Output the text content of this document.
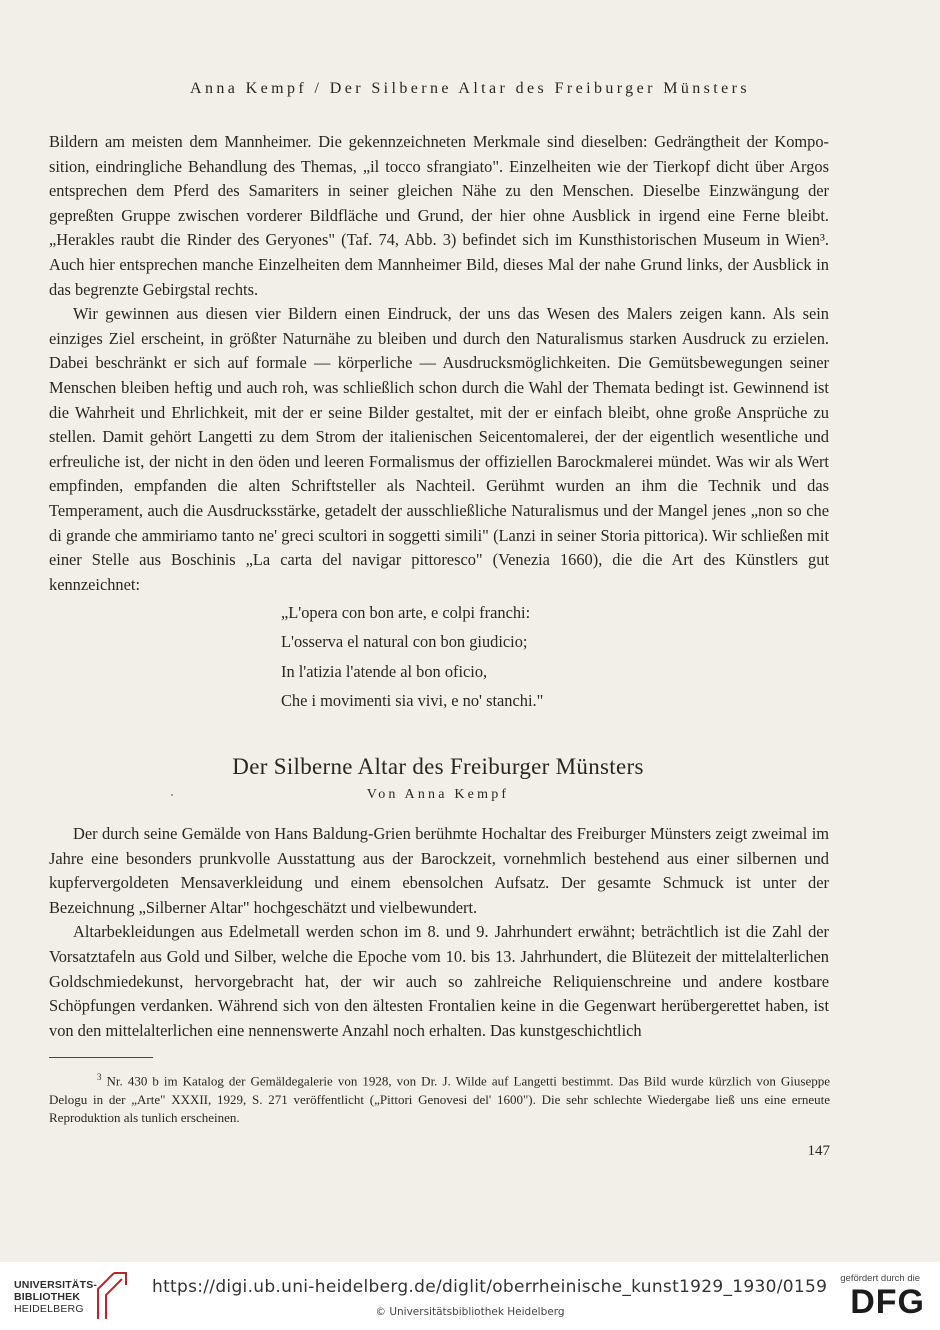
Anna Kempf / Der Silberne Altar des Freiburger Münsters

Bildern am meisten dem Mannheimer. Die gekennzeichneten Merkmale sind dieselben: Gedrängtheit der Komposition, eindringliche Behandlung des Themas, „il tocco sfrangiato". Einzelheiten wie der Tierkopf dicht über Argos entsprechen dem Pferd des Samariters in seiner gleichen Nähe zu den Menschen. Dieselbe Einzwängung der gepreßten Gruppe zwischen vorderer Bildfläche und Grund, der hier ohne Ausblick in irgend eine Ferne bleibt. „Herakles raubt die Rinder des Geryones" (Taf. 74, Abb. 3) befindet sich im Kunsthistorischen Museum in Wien³. Auch hier entsprechen manche Einzelheiten dem Mannheimer Bild, dieses Mal der nahe Grund links, der Ausblick in das begrenzte Gebirgstal rechts.

Wir gewinnen aus diesen vier Bildern einen Eindruck, der uns das Wesen des Malers zeigen kann. Als sein einziges Ziel erscheint, in größter Naturnähe zu bleiben und durch den Naturalismus starken Ausdruck zu erzielen. Dabei beschränkt er sich auf formale — körperliche — Ausdrucksmöglichkeiten. Die Gemütsbewegungen seiner Menschen bleiben heftig und auch roh, was schließlich schon durch die Wahl der Themata bedingt ist. Gewinnend ist die Wahrheit und Ehrlichkeit, mit der er seine Bilder gestaltet, mit der er einfach bleibt, ohne große Ansprüche zu stellen. Damit gehört Langetti zu dem Strom der italienischen Seicentomalerei, der der eigentlich wesentliche und erfreuliche ist, der nicht in den öden und leeren Formalismus der offiziellen Barockmalerei mündet. Was wir als Wert empfinden, empfanden die alten Schriftsteller als Nachteil. Gerühmt wurden an ihm die Technik und das Temperament, auch die Ausdrucksstärke, getadelt der ausschließliche Naturalismus und der Mangel jenes „non so che di grande che ammiriamo tanto ne' greci scultori in soggetti simili" (Lanzi in seiner Storia pittorica). Wir schließen mit einer Stelle aus Boschinis „La carta del navigar pittoresco" (Venezia 1660), die die Art des Künstlers gut kennzeichnet:

„L'opera con bon arte, e colpi franchi:
L'osserva el natural con bon giudicio;
In l'atizia l'atende al bon oficio,
Che i movimenti sia vivi, e no' stanchi."
Der Silberne Altar des Freiburger Münsters
Von Anna Kempf

Der durch seine Gemälde von Hans Baldung-Grien berühmte Hochaltar des Freiburger Münsters zeigt zweimal im Jahre eine besonders prunkvolle Ausstattung aus der Barockzeit, vornehmlich bestehend aus einer silbernen und kupfervergoldeten Mensaverkleidung und einem ebensolchen Aufsatz. Der gesamte Schmuck ist unter der Bezeichnung „Silberner Altar" hochgeschätzt und vielbewundert.

Altarbekleidungen aus Edelmetall werden schon im 8. und 9. Jahrhundert erwähnt; beträchtlich ist die Zahl der Vorsatztafeln aus Gold und Silber, welche die Epoche vom 10. bis 13. Jahrhundert, die Blütezeit der mittelalterlichen Goldschmiedekunst, hervorgebracht hat, der wir auch so zahlreiche Reliquienschreine und andere kostbare Schöpfungen verdanken. Während sich von den ältesten Frontalien keine in die Gegenwart herübergerettet haben, ist von den mittelalterlichen eine nennenswerte Anzahl noch erhalten. Das kunstgeschichtlich

$^3$ Nr. 430 b im Katalog der Gemäldegalerie von 1928, von Dr. J. Wilde auf Langetti bestimmt. Das Bild wurde kürzlich von Giuseppe Delogu in der „Arte" XXXII, 1929, S. 271 veröffentlicht („Pittori Genovesi del' 1600"). Die sehr schlechte Wiedergabe ließ uns eine erneute Reproduktion als tunlich erscheinen.

147
UNIVERSITÄTS-
BIBLIOTHEK
HEIDELBERG
https://digi.ub.uni-heidelberg.de/diglit/oberrheinische_kunst1929_1930/0159
© Universitätsbibliothek Heidelberg
gefördert durch die
DFG
